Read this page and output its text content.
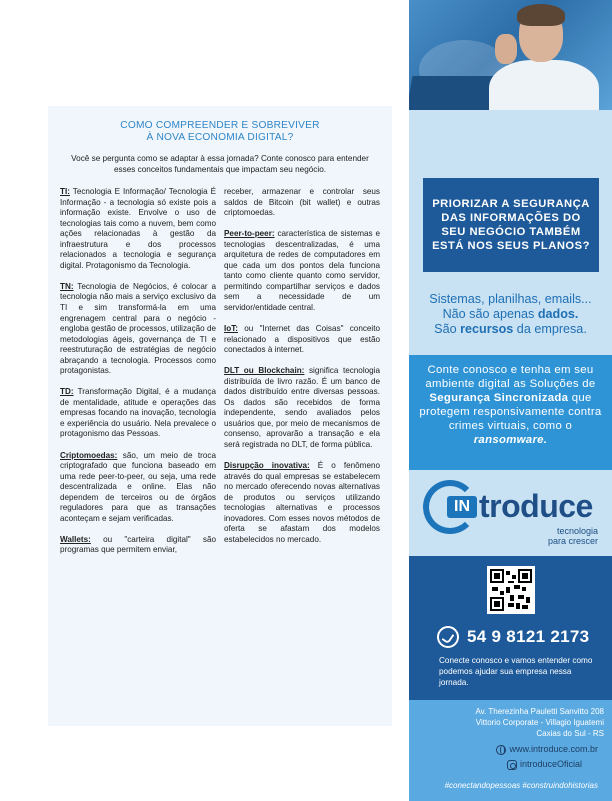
COMO COMPREENDER E SOBREVIVER
À NOVA ECONOMIA DIGITAL?
Você se pergunta como se adaptar à essa jornada? Conte conosco para entender esses conceitos fundamentais que impactam seu negócio.

TI: Tecnologia E Informação/ Tecnologia É Informação - a tecnologia só existe pois a informação existe. Envolve o uso de tecnologias tais como a nuvem, bem como ações relacionadas à gestão da infraestrutura e dos processos relacionados a tecnologia e segurança digital. Protagonismo da Tecnologia.

TN: Tecnologia de Negócios, é colocar a tecnologia não mais a serviço exclusivo da TI e sim transformá-la em uma engrenagem central para o negócio - engloba gestão de processos, utilização de metodologias ágeis, governança de TI e reestruturação de estratégias de negócio abraçando a tecnologia. Processos como protagonistas.

TD: Transformação Digital, é a mudança de mentalidade, atitude e operações das empresas focando na inovação, tecnologia e experiência do usuário. Nela prevalece o protagonismo das Pessoas.

Criptomoedas: são, um meio de troca criptografado que funciona baseado em uma rede peer-to-peer, ou seja, uma rede descentralizada e online. Elas não dependem de terceiros ou de órgãos reguladores para que as transações aconteçam e sejam verificadas.

Wallets: ou "carteira digital" são programas que permitem enviar,

receber, armazenar e controlar seus saldos de Bitcoin (bit wallet) e outras criptomoedas.

Peer-to-peer: característica de sistemas e tecnologias descentralizadas, é uma arquitetura de redes de computadores em que cada um dos pontos dela funciona tanto como cliente quanto como servidor, permitindo compartilhar serviços e dados sem a necessidade de um servidor/entidade central.

IoT: ou "Internet das Coisas" conceito relacionado a dispositivos que estão conectados à internet.

DLT ou Blockchain: significa tecnologia distribuída de livro razão. É um banco de dados distribuído entre diversas pessoas. Os dados são recebidos de forma independente, sendo avaliados pelos usuários que, por meio de mecanismos de consenso, aprovarão a transação e ela será registrada no DLT, de forma pública.

Disrupção inovativa: É o fenômeno através do qual empresas se estabelecem no mercado oferecendo novas alternativas de produtos ou serviços utilizando tecnologias alternativas e processos inovadores. Com esses novos métodos de oferta se afastam dos modelos estabelecidos no mercado.

PRIORIZAR A SEGURANÇA DAS INFORMAÇÕES DO SEU NEGÓCIO TAMBÉM ESTÁ NOS SEUS PLANOS?
Sistemas, planilhas, emails...
Não são apenas dados.
São recursos da empresa.
Conte conosco e tenha em seu ambiente digital as Soluções de Segurança Sincronizada que protegem responsivamente contra crimes virtuais, como o ransomware.
IN troduce
tecnologia
para crescer
54 9 8121 2173
Conecte conosco e vamos entender como podemos ajudar sua empresa nessa jornada.
Av. Therezinha Pauletti Sanvitto 208
Vittorio Corporate - Villagio Iguatemi
Caxias do Sul - RS
www.introduce.com.br
introduceOficial
#conectandopessoas #construindohistorias
